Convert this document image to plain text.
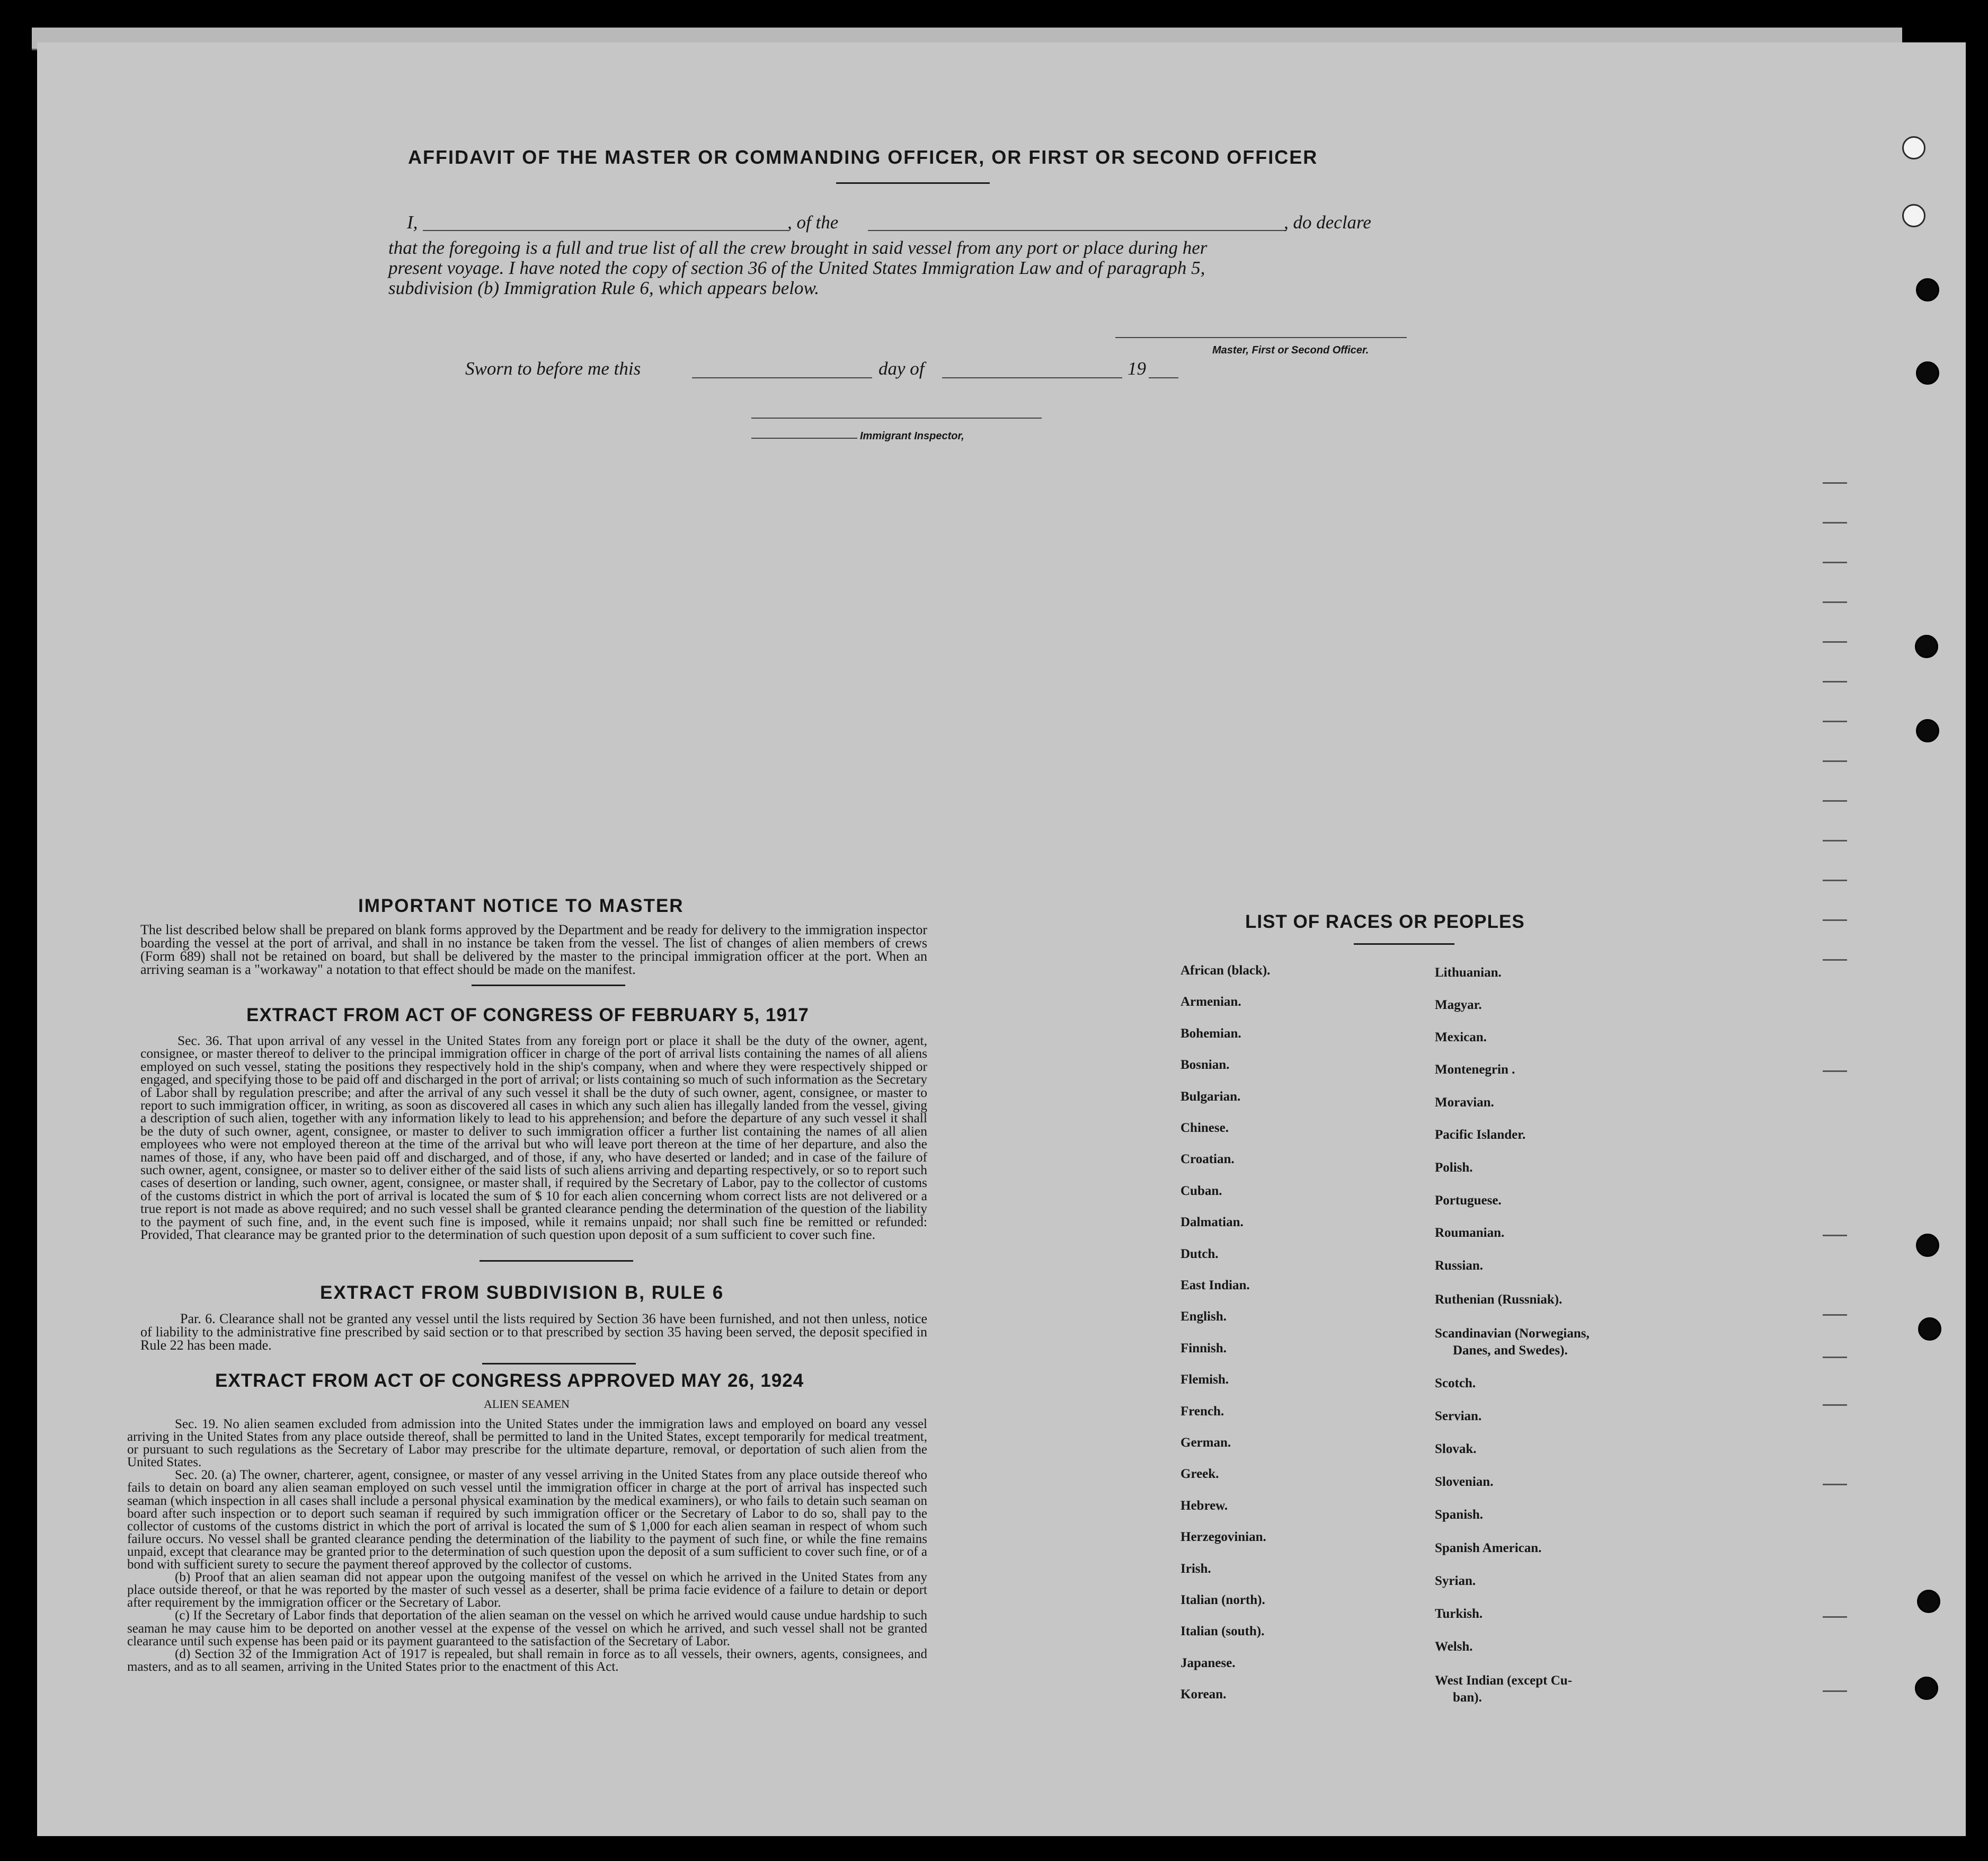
AFFIDAVIT OF THE MASTER OR COMMANDING OFFICER, OR FIRST OR SECOND OFFICER
I,	, of the	, do declare
that the foregoing is a full and true list of all the crew brought in said vessel from any port or place during her
present voyage. I have noted the copy of section 36 of the United States Immigration Law and of paragraph 5,
subdivision (b) Immigration Rule 6, which appears below.
Master, First or Second Officer.
Sworn to before me this	day of	19
Immigrant Inspector,
IMPORTANT NOTICE TO MASTER
The list described below shall be prepared on blank forms approved by the Department and be ready for delivery to the immigration inspector boarding the vessel at the port of arrival, and shall in no instance be taken from the vessel. The list of changes of alien members of crews (Form 689) shall not be retained on board, but shall be delivered by the master to the principal immigration officer at the port. When an arriving seaman is a "workaway" a notation to that effect should be made on the manifest.
EXTRACT FROM ACT OF CONGRESS OF FEBRUARY 5, 1917
Sec. 36. That upon arrival of any vessel in the United States from any foreign port or place it shall be the duty of the owner, agent, consignee, or master thereof to deliver to the principal immigration officer in charge of the port of arrival lists containing the names of all aliens employed on such vessel, stating the positions they respectively hold in the ship's company, when and where they were respectively shipped or engaged, and specifying those to be paid off and discharged in the port of arrival; or lists containing so much of such information as the Secretary of Labor shall by regulation prescribe; and after the arrival of any such vessel it shall be the duty of such owner, agent, consignee, or master to report to such immigration officer, in writing, as soon as discovered all cases in which any such alien has illegally landed from the vessel, giving a description of such alien, together with any information likely to lead to his apprehension; and before the departure of any such vessel it shall be the duty of such owner, agent, consignee, or master to deliver to such immigration officer a further list containing the names of all alien employees who were not employed thereon at the time of the arrival but who will leave port thereon at the time of her departure, and also the names of those, if any, who have been paid off and discharged, and of those, if any, who have deserted or landed; and in case of the failure of such owner, agent, consignee, or master so to deliver either of the said lists of such aliens arriving and departing respectively, or so to report such cases of desertion or landing, such owner, agent, consignee, or master shall, if required by the Secretary of Labor, pay to the collector of customs of the customs district in which the port of arrival is located the sum of $ 10 for each alien concerning whom correct lists are not delivered or a true report is not made as above required; and no such vessel shall be granted clearance pending the determination of the question of the liability to the payment of such fine, and, in the event such fine is imposed, while it remains unpaid; nor shall such fine be remitted or refunded: Provided, That clearance may be granted prior to the determination of such question upon deposit of a sum sufficient to cover such fine.
EXTRACT FROM SUBDIVISION B, RULE 6
Par. 6. Clearance shall not be granted any vessel until the lists required by Section 36 have been furnished, and not then unless, notice of liability to the administrative fine prescribed by said section or to that prescribed by section 35 having been served, the deposit specified in Rule 22 has been made.
EXTRACT FROM ACT OF CONGRESS APPROVED MAY 26, 1924
ALIEN SEAMEN

Sec. 19. No alien seamen excluded from admission into the United States under the immigration laws and employed on board any vessel arriving in the United States from any place outside thereof, shall be permitted to land in the United States, except temporarily for medical treatment, or pursuant to such regulations as the Secretary of Labor may prescribe for the ultimate departure, removal, or deportation of such alien from the United States.

Sec. 20. (a) The owner, charterer, agent, consignee, or master of any vessel arriving in the United States from any place outside thereof who fails to detain on board any alien seaman employed on such vessel until the immigration officer in charge at the port of arrival has inspected such seaman (which inspection in all cases shall include a personal physical examination by the medical examiners), or who fails to detain such seaman on board after such inspection or to deport such seaman if required by such immigration officer or the Secretary of Labor to do so, shall pay to the collector of customs of the customs district in which the port of arrival is located the sum of $ 1,000 for each alien seaman in respect of whom such failure occurs. No vessel shall be granted clearance pending the determination of the liability to the payment of such fine, or while the fine remains unpaid, except that clearance may be granted prior to the determination of such question upon the deposit of a sum sufficient to cover such fine, or of a bond with sufficient surety to secure the payment thereof approved by the collector of customs.

(b) Proof that an alien seaman did not appear upon the outgoing manifest of the vessel on which he arrived in the United States from any place outside thereof, or that he was reported by the master of such vessel as a deserter, shall be prima facie evidence of a failure to detain or deport after requirement by the immigration officer or the Secretary of Labor.

(c) If the Secretary of Labor finds that deportation of the alien seaman on the vessel on which he arrived would cause undue hardship to such seaman he may cause him to be deported on another vessel at the expense of the vessel on which he arrived, and such vessel shall not be granted clearance until such expense has been paid or its payment guaranteed to the satisfaction of the Secretary of Labor.

(d) Section 32 of the Immigration Act of 1917 is repealed, but shall remain in force as to all vessels, their owners, agents, consignees, and masters, and as to all seamen, arriving in the United States prior to the enactment of this Act.

LIST OF RACES OR PEOPLES
African (black).
Armenian.
Bohemian.
Bosnian.
Bulgarian.
Chinese.
Croatian.
Cuban.
Dalmatian.
Dutch.
East Indian.
English.
Finnish.
Flemish.
French.
German.
Greek.
Hebrew.
Herzegovinian.
Irish.
Italian (north).
Italian (south).
Japanese.
Korean.
Lithuanian.
Magyar.
Mexican.
Montenegrin .
Moravian.
Pacific Islander.
Polish.
Portuguese.
Roumanian.
Russian.
Ruthenian (Russniak).
Scandinavian (Norwegians,
Danes, and Swedes).
Scotch.
Servian.
Slovak.
Slovenian.
Spanish.
Spanish American.
Syrian.
Turkish.
Welsh.
West Indian (except Cu-
ban).
